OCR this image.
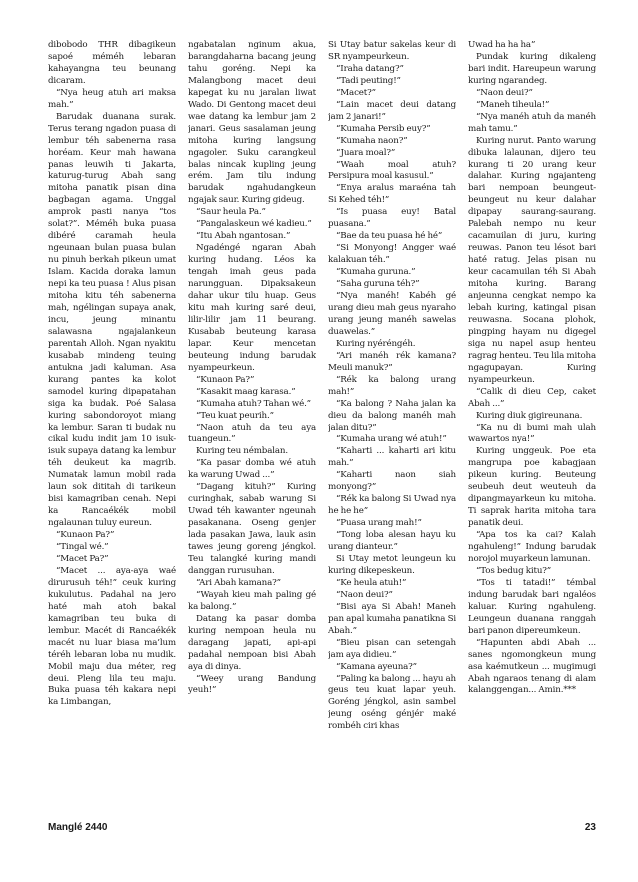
dibobodo THR dibagikeun sapoé méméh lebaran kahayangna teu beunang dicaram.

“Nya heug atuh ari maksa mah.”

Barudak duanana surak. Terus terang ngadon puasa di lembur téh sabenerna rasa horéam. Keur mah hawana panas leuwih ti Jakarta, katurug-turug Abah sang mitoha panatik pisan dina bagbagan agama. Unggal amprok pasti nanya “tos solat?”. Méméh buka puasa dibéré caramah heula ngeunaan bulan puasa bulan nu pinuh berkah pikeun umat Islam. Kacida doraka lamun nepi ka teu puasa ! Alus pisan mitoha kitu téh sabenerna mah, ngélingan supaya anak, incu, jeung minantu salawasna ngajalankeun parentah Alloh. Ngan nyakitu kusabab mindeng teuing antukna jadi kaluman. Asa kurang pantes ka kolot samodel kuring dipapatahan siga ka budak. Poé Salasa kuring sabondoroyot miang ka lembur. Saran ti budak nu cikal kudu indit jam 10 isuk-isuk supaya datang ka lembur téh deukeut ka magrib. Numatak lamun mobil rada laun sok dititah di tarikeun bisi kamagriban cenah. Nepi ka Rancaékék mobil ngalaunan tuluy eureun.

“Kunaon Pa?”

“Tingal wé.”

“Macet Pa?”

“Macet ... aya-aya waé dirurusuh téh!” ceuk kuring kukulutus. Padahal na jero haté mah atoh bakal kamagriban teu buka di lembur. Macét di Rancaékék macét nu luar biasa ma’lum téréh lebaran loba nu mudik. Mobil maju dua méter, reg deui. Pleng lila teu maju. Buka puasa téh kakara nepi ka Limbangan,

ngabatalan nginum akua, barangdaharna bacang jeung tahu goréng. Nepi ka Malangbong macet deui kapegat ku nu jaralan liwat Wado. Di Gentong macet deui wae datang ka lembur jam 2 janari. Geus sasalaman jeung mitoha kuring langsung ngagoler. Suku carangkeul balas nincak kupling jeung erém. Jam tilu indung barudak ngahudangkeun ngajak saur. Kuring gideug.

“Saur heula Pa.”

“Pangalaskeun wé kadieu.”

“Itu Abah ngantosan.”

Ngadéngé ngaran Abah kuring hudang. Léos ka tengah imah geus pada narungguan. Dipaksakeun dahar ukur tilu huap. Geus kitu mah kuring saré deui, lilir-lilir jam 11 beurang. Kusabab beuteung karasa lapar. Keur mencetan beuteung indung barudak nyampeurkeun.

“Kunaon Pa?”

“Kasakit maag karasa.”

“Kumaha atuh? Tahan wé.”

“Teu kuat peurih.”

“Naon atuh da teu aya tuangeun.”

Kuring teu némbalan.

“Ka pasar domba wé atuh ka warung Uwad ...”

“Dagang kituh?” Kuring curinghak, sabab warung Si Uwad téh kawanter ngeunah pasakanana. Oseng genjer lada pasakan Jawa, lauk asin tawes jeung goreng jéngkol. Teu talangké kuring mandi danggan rurusuhan.

“Ari Abah kamana?”

“Wayah kieu mah paling gé ka balong.”

Datang ka pasar domba kuring nempoan heula nu daragang japati, api-api padahal nempoan bisi Abah aya di dinya.

“Weey urang Bandung yeuh!”

Si Utay batur sakelas keur di SR nyampeurkeun.

“Iraha datang?”

“Tadi peuting!”

“Macet?”

“Lain macet deui datang jam 2 janari!”

“Kumaha Persib euy?”

“Kumaha naon?”

“Juara moal?”

“Waah moal atuh? Persipura moal kasusul.”

“Enya aralus maraéna tah Si Kehed téh!”

“Is puasa euy! Batal puasana.”

“Bae da teu puasa hé hé”

“Si Monyong! Angger waé kalakuan téh.”

“Kumaha guruna.”

“Saha guruna téh?”

“Nya manéh! Kabéh gé urang dieu mah geus nyaraho urang jeung manéh sawelas duawelas.”

Kuring nyéréngéh.

“Ari manéh rék kamana? Meuli manuk?”

“Rék ka balong urang mah!”

“Ka balong ? Naha jalan ka dieu da balong manéh mah jalan ditu?”

“Kumaha urang wé atuh!”

“Kaharti ... kaharti ari kitu mah.”

“Kaharti naon siah monyong?”

“Rék ka balong Si Uwad nya he he he”

“Puasa urang mah!”

“Tong loba alesan hayu ku urang dianteur.”

Si Utay metot leungeun ku kuring dikepeskeun.

“Ke heula atuh!”

“Naon deui?”

“Bisi aya Si Abah! Maneh pan apal kumaha panatikna Si Abah.”

“Bieu pisan can setengah jam aya didieu.”

“Kamana ayeuna?”

“Paling ka balong ... hayu ah geus teu kuat lapar yeuh. Goréng jéngkol, asin sambel jeung oséng génjér maké rombéh ciri khas

Uwad ha ha ha”

Pundak kuring dikaleng bari indit. Hareupeun warung kuring ngarandeg.

“Naon deui?”

“Maneh tiheula!”

“Nya manéh atuh da manéh mah tamu.”

Kuring nurut. Panto warung dibuka lalaunan, dijero teu kurang ti 20 urang keur dalahar. Kuring ngajanteng bari nempoan beungeut-beungeut nu keur dalahar dipapay saurang-saurang. Palebah nempo nu keur cacamuilan di juru, kuring reuwas. Panon teu lésot bari haté ratug. Jelas pisan nu keur cacamuilan téh Si Abah mitoha kuring. Barang anjeunna cengkat nempo ka lebah kuring, katingal pisan reuwasna. Socana plohok, pingping hayam nu digegel siga nu napel asup henteu ragrag henteu. Teu lila mitoha ngagupayan. Kuring nyampeurkeun.

“Calik di dieu Cep, caket Abah ...”

Kuring diuk gigireunana.

“Ka nu di bumi mah ulah wawartos nya!”

Kuring unggeuk. Poe eta mangrupa poe kabagjaan pikeun kuring. Beuteung seubeuh deut weuteuh da dipangmayarkeun ku mitoha. Ti saprak harita mitoha tara panatik deui.

“Apa tos ka cai? Kalah ngahuleng!” Indung barudak norojol muyarkeun lamunan.

“Tos bedug kitu?”

“Tos ti tatadi!” témbal indung barudak bari ngaléos kaluar. Kuring ngahuleng. Leungeun duanana ranggah bari panon dipereumkeun.

“Hapunten abdi Abah ... sanes ngomongkeun mung asa kaémutkeun ... mugimugi Abah ngaraos tenang di alam kalanggengan... Amin.***

Manglé 2440	23
